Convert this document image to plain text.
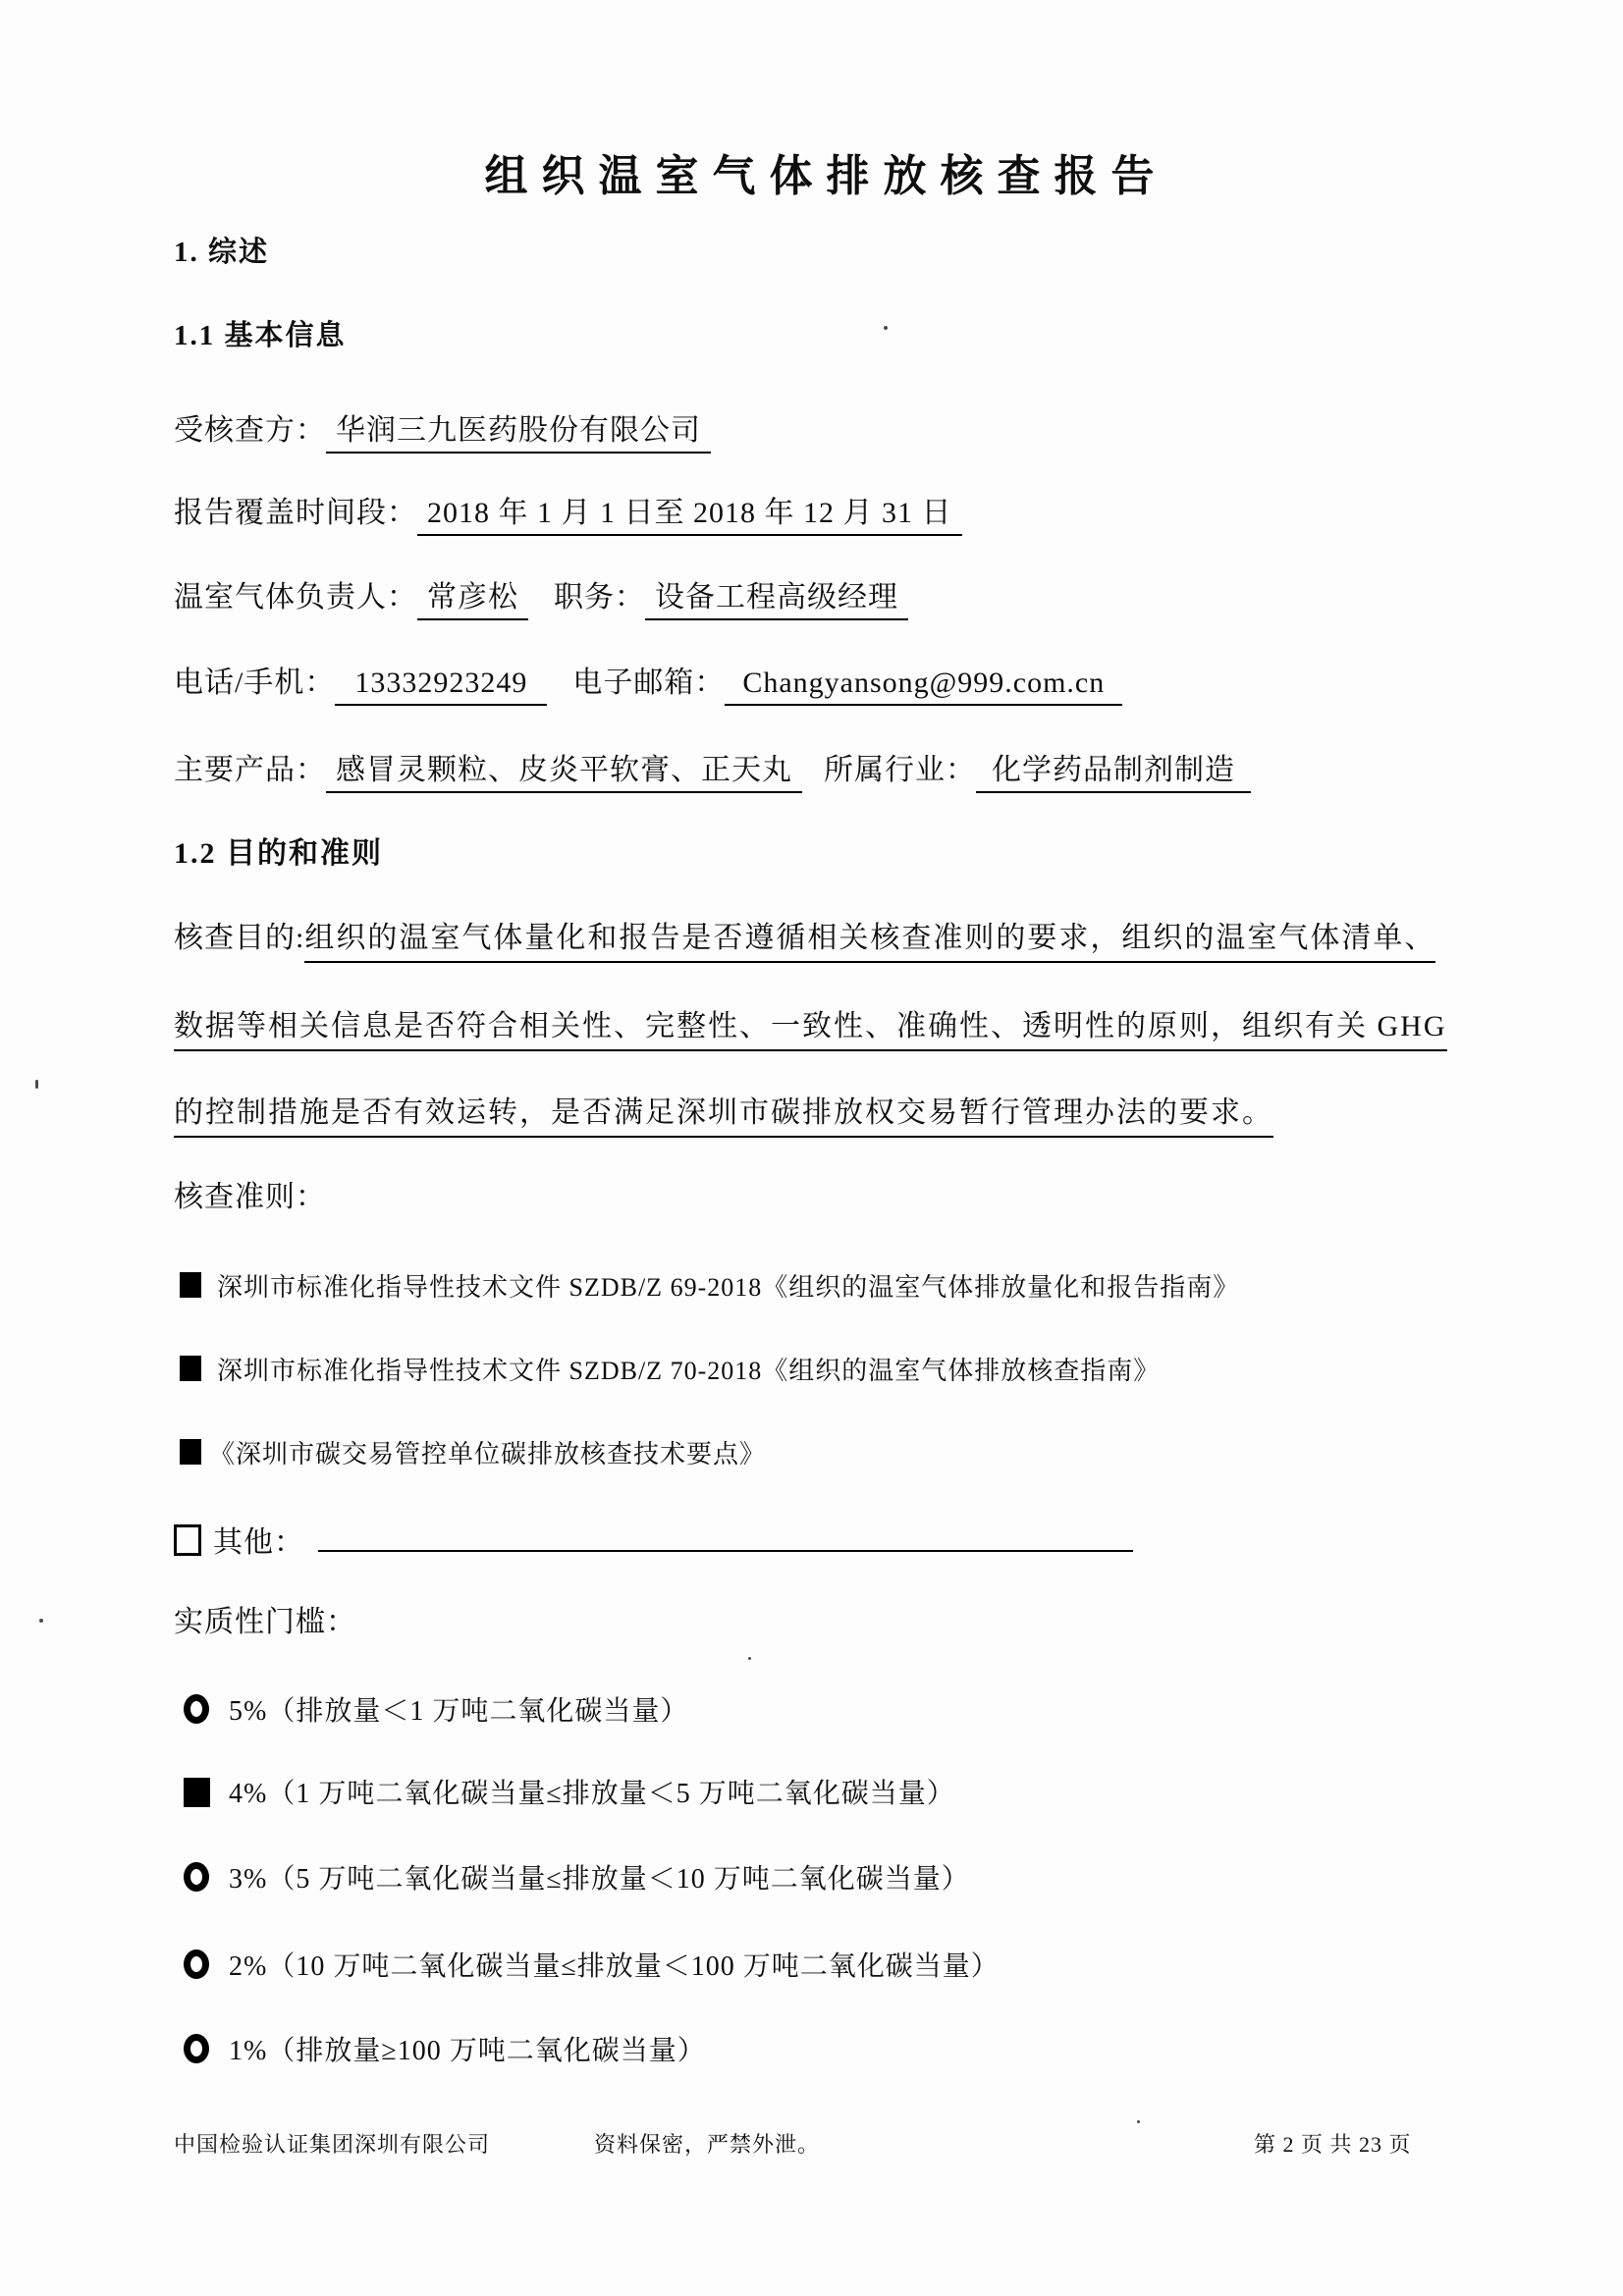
组织温室气体排放核查报告
1. 综述
1.1 基本信息
受核查方： 华润三九医药股份有限公司
报告覆盖时间段： 2018 年 1 月 1 日至 2018 年 12 月 31 日
温室气体负责人： 常彦松 职务： 设备工程高级经理
电话/手机： 13332923249 电子邮箱： Changyansong@999.com.cn
主要产品： 感冒灵颗粒、皮炎平软膏、正天丸 所属行业： 化学药品制剂制造
1.2 目的和准则
核查目的:组织的温室气体量化和报告是否遵循相关核查准则的要求，组织的温室气体清单、
数据等相关信息是否符合相关性、完整性、一致性、准确性、透明性的原则，组织有关 GHG
的控制措施是否有效运转，是否满足深圳市碳排放权交易暂行管理办法的要求。
核查准则：
深圳市标准化指导性技术文件 SZDB/Z 69-2018《组织的温室气体排放量化和报告指南》
深圳市标准化指导性技术文件 SZDB/Z 70-2018《组织的温室气体排放核查指南》
《深圳市碳交易管控单位碳排放核查技术要点》
其他：
实质性门槛：
5%（排放量＜1 万吨二氧化碳当量）
4%（1 万吨二氧化碳当量≤排放量＜5 万吨二氧化碳当量）
3%（5 万吨二氧化碳当量≤排放量＜10 万吨二氧化碳当量）
2%（10 万吨二氧化碳当量≤排放量＜100 万吨二氧化碳当量）
1%（排放量≥100 万吨二氧化碳当量）
中国检验认证集团深圳有限公司	资料保密，严禁外泄。	第 2 页 共 23 页
